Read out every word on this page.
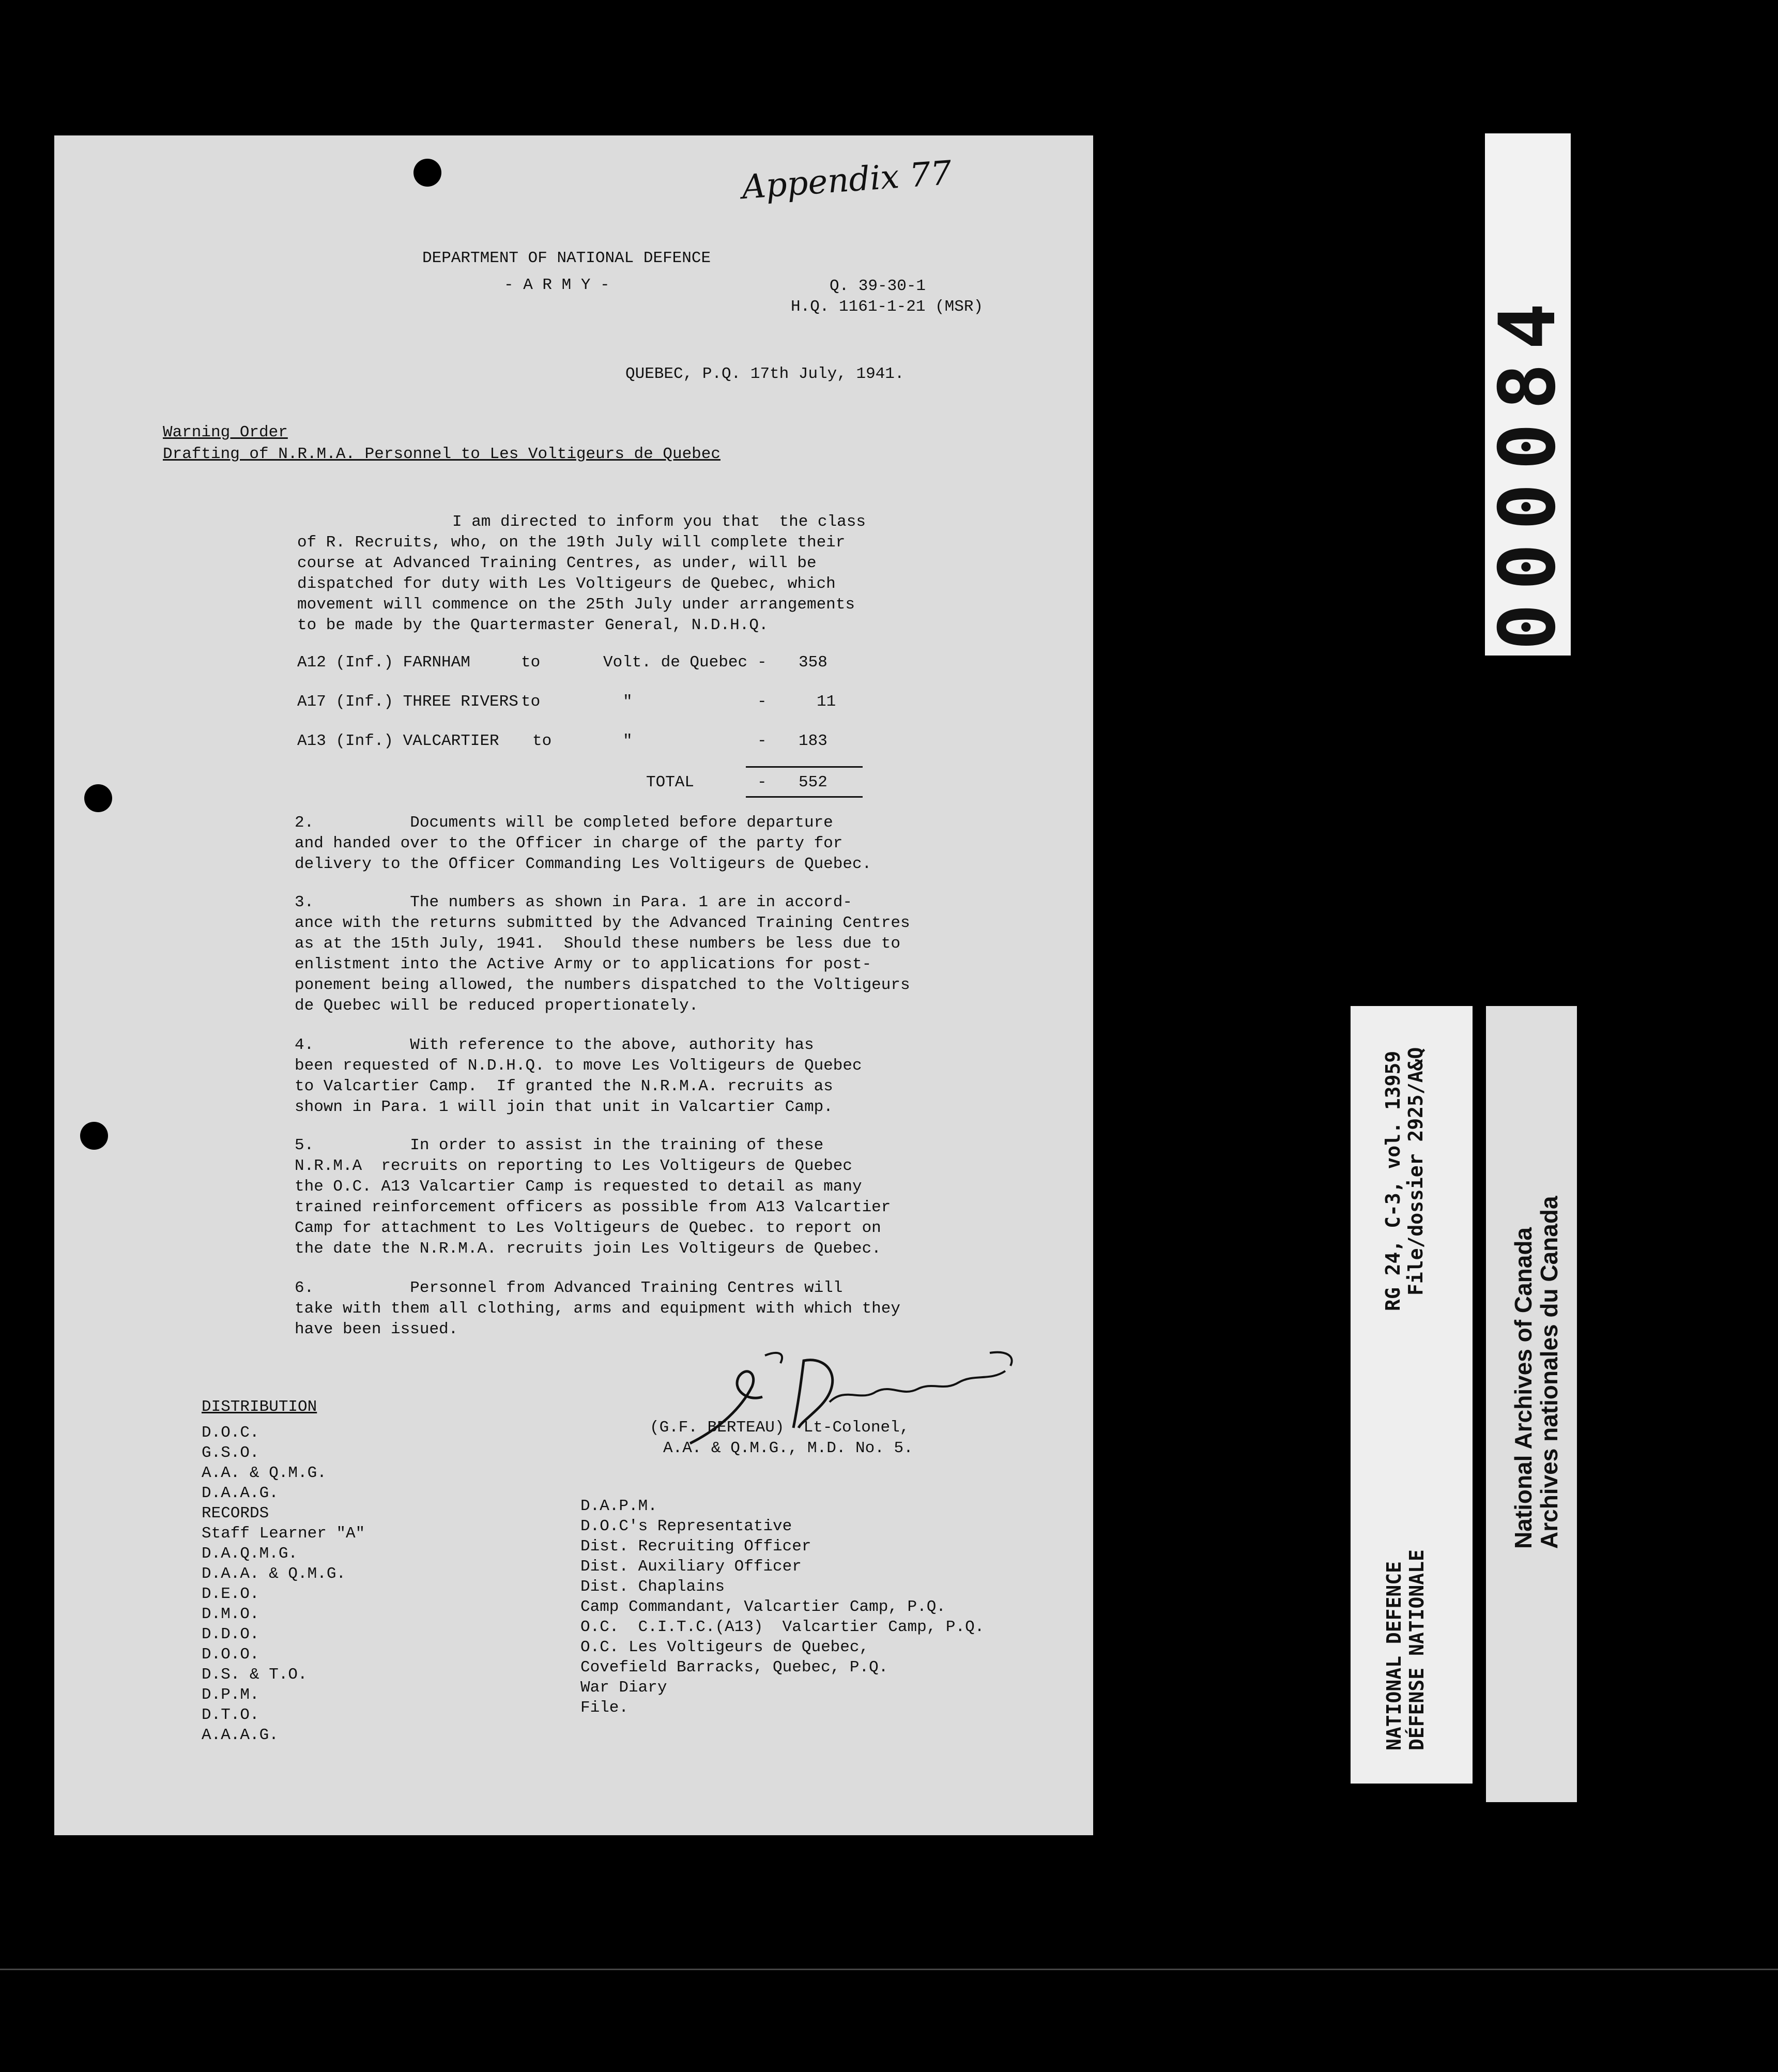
Appendix 77
DEPARTMENT OF NATIONAL DEFENCE
- A R M Y -	Q. 39-30-1
H.Q. 1161-1-21 (MSR)
QUEBEC, P.Q. 17th July, 1941.
Warning Order
Drafting of N.R.M.A. Personnel to Les Voltigeurs de Quebec
I am directed to inform you that  the class
of R. Recruits, who, on the 19th July will complete their
course at Advanced Training Centres, as under, will be
dispatched for duty with Les Voltigeurs de Quebec, which
movement will commence on the 25th July under arrangements
to be made by the Quartermaster General, N.D.H.Q.
A12 (Inf.) FARNHAM	to	Volt. de Quebec - 358
A17 (Inf.) THREE RIVERS to	"	-	11
A13 (Inf.) VALCARTIER to	"	- 183
TOTAL	- 552
2.          Documents will be completed before departure
and handed over to the Officer in charge of the party for
delivery to the Officer Commanding Les Voltigeurs de Quebec.
3.          The numbers as shown in Para. 1 are in accord-
ance with the returns submitted by the Advanced Training Centres
as at the 15th July, 1941.  Should these numbers be less due to
enlistment into the Active Army or to applications for post-
ponement being allowed, the numbers dispatched to the Voltigeurs
de Quebec will be reduced propertionately.
4.          With reference to the above, authority has
been requested of N.D.H.Q. to move Les Voltigeurs de Quebec
to Valcartier Camp.  If granted the N.R.M.A. recruits as
shown in Para. 1 will join that unit in Valcartier Camp.
5.          In order to assist in the training of these
N.R.M.A  recruits on reporting to Les Voltigeurs de Quebec
the O.C. A13 Valcartier Camp is requested to detail as many
trained reinforcement officers as possible from A13 Valcartier
Camp for attachment to Les Voltigeurs de Quebec. to report on
the date the N.R.M.A. recruits join Les Voltigeurs de Quebec.
6.          Personnel from Advanced Training Centres will
take with them all clothing, arms and equipment with which they
have been issued.
(G.F. BERTEAU)  Lt-Colonel,
A.A. & Q.M.G., M.D. No. 5.
DISTRIBUTION
D.O.C.
G.S.O.
A.A. & Q.M.G.
D.A.A.G.
RECORDS
Staff Learner "A"
D.A.Q.M.G.
D.A.A. & Q.M.G.
D.E.O.
D.M.O.
D.D.O.
D.O.O.
D.S. & T.O.
D.P.M.
D.T.O.
A.A.A.G.
D.A.P.M.
D.O.C's Representative
Dist. Recruiting Officer
Dist. Auxiliary Officer
Dist. Chaplains
Camp Commandant, Valcartier Camp, P.Q.
O.C.  C.I.T.C.(A13)  Valcartier Camp, P.Q.
O.C. Les Voltigeurs de Quebec,
Covefield Barracks, Quebec, P.Q.
War Diary
File.
000084
RG 24, C-3, vol. 13959 File/dossier 2925/A&Q
NATIONAL DEFENCE DÉFENSE NATIONALE
National Archives of Canada
Archives nationales du Canada
